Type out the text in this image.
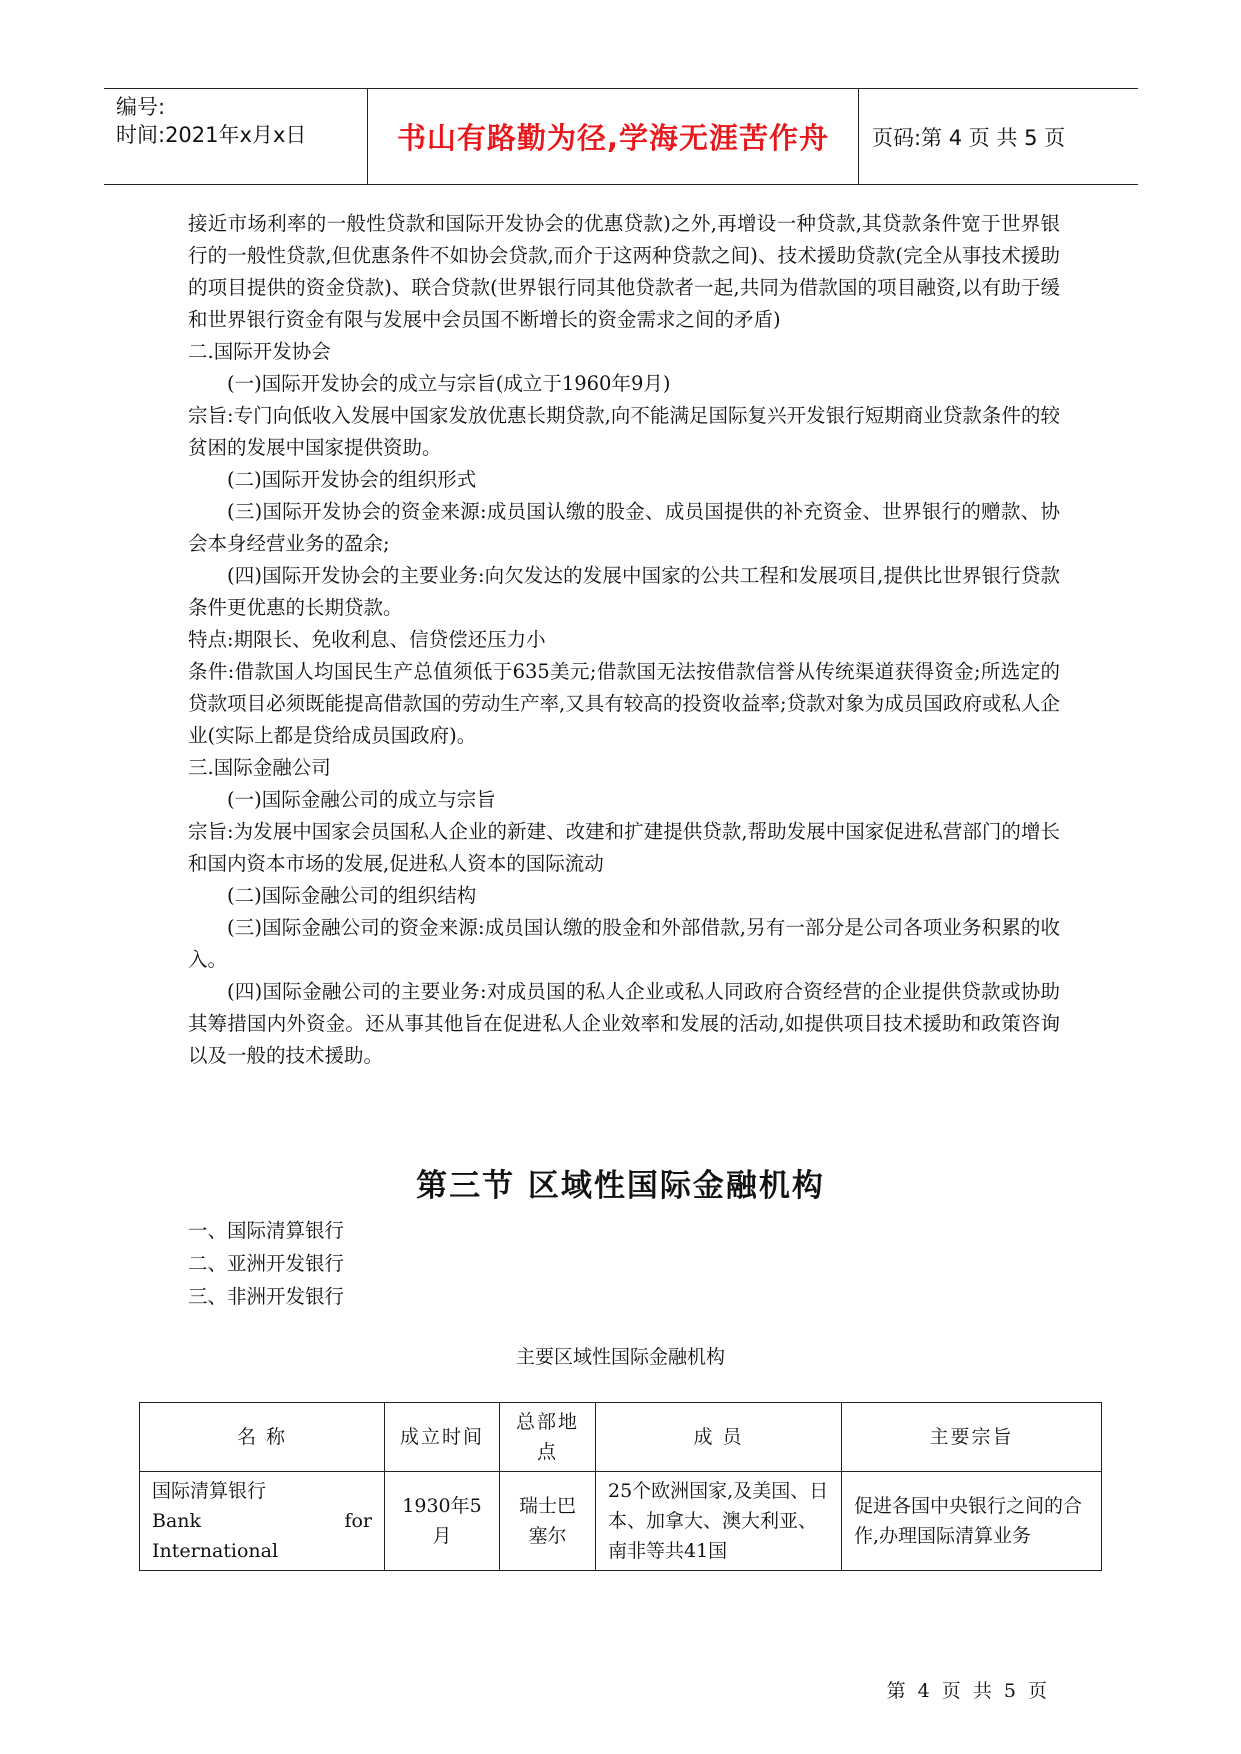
编号:
时间:2021年x月x日	书山有路勤为径,学海无涯苦作舟	页码:第 4 页 共 5 页

接近市场利率的一般性贷款和国际开发协会的优惠贷款)之外,再增设一种贷款,其贷款条件宽于世界银行的一般性贷款,但优惠条件不如协会贷款,而介于这两种贷款之间)、技术援助贷款(完全从事技术援助的项目提供的资金贷款)、联合贷款(世界银行同其他贷款者一起,共同为借款国的项目融资,以有助于缓和世界银行资金有限与发展中会员国不断增长的资金需求之间的矛盾)

二.国际开发协会

(一)国际开发协会的成立与宗旨(成立于1960年9月)

宗旨:专门向低收入发展中国家发放优惠长期贷款,向不能满足国际复兴开发银行短期商业贷款条件的较贫困的发展中国家提供资助。

(二)国际开发协会的组织形式

(三)国际开发协会的资金来源:成员国认缴的股金、成员国提供的补充资金、世界银行的赠款、协会本身经营业务的盈余;

(四)国际开发协会的主要业务:向欠发达的发展中国家的公共工程和发展项目,提供比世界银行贷款条件更优惠的长期贷款。

特点:期限长、免收利息、信贷偿还压力小

条件:借款国人均国民生产总值须低于635美元;借款国无法按借款信誉从传统渠道获得资金;所选定的贷款项目必须既能提高借款国的劳动生产率,又具有较高的投资收益率;贷款对象为成员国政府或私人企业(实际上都是贷给成员国政府)。

三.国际金融公司

(一)国际金融公司的成立与宗旨

宗旨:为发展中国家会员国私人企业的新建、改建和扩建提供贷款,帮助发展中国家促进私营部门的增长和国内资本市场的发展,促进私人资本的国际流动

(二)国际金融公司的组织结构

(三)国际金融公司的资金来源:成员国认缴的股金和外部借款,另有一部分是公司各项业务积累的收入。

(四)国际金融公司的主要业务:对成员国的私人企业或私人同政府合资经营的企业提供贷款或协助其筹措国内外资金。还从事其他旨在促进私人企业效率和发展的活动,如提供项目技术援助和政策咨询以及一般的技术援助。

第三节 区域性国际金融机构

一、国际清算银行

二、亚洲开发银行

三、非洲开发银行

主要区域性国际金融机构
名 称	成立时间	总部地点	成 员	主要宗旨

国际清算银行
Bank for
International	1930年5月	瑞士巴塞尔	25个欧洲国家,及美国、日本、加拿大、澳大利亚、南非等共41国	促进各国中央银行之间的合作,办理国际清算业务
第 4 页 共 5 页
